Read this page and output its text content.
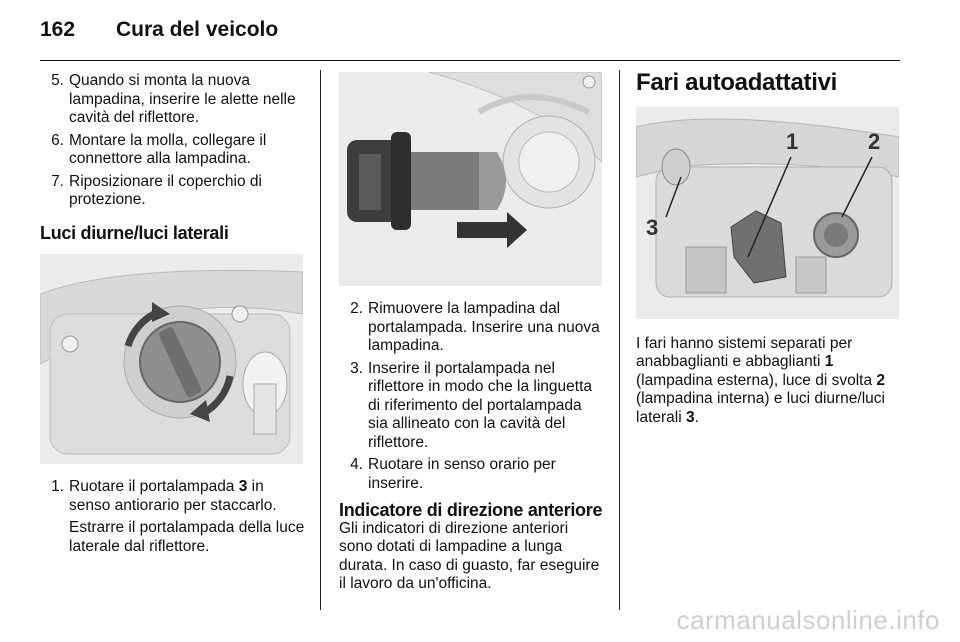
162 Cura del veicolo
5. Quando si monta la nuova lampadina, inserire le alette nelle cavità del riflettore.
6. Montare la molla, collegare il connettore alla lampadina.
7. Riposizionare il coperchio di protezione.
Luci diurne/luci laterali
1. Ruotare il portalampada 3 in senso antiorario per staccarlo.
Estrarre il portalampada della luce laterale dal riflettore.
2. Rimuovere la lampadina dal portalampada. Inserire una nuova lampadina.
3. Inserire il portalampada nel riflettore in modo che la linguetta di riferimento del portalampada sia allineato con la cavità del riflettore.
4. Ruotare in senso orario per inserire.
Indicatore di direzione anteriore

Gli indicatori di direzione anteriori sono dotati di lampadine a lunga durata. In caso di guasto, far eseguire il lavoro da un'officina.

Fari autoadattativi
1	2
3

I fari hanno sistemi separati per anabbaglianti e abbaglianti 1 (lampadina esterna), luce di svolta 2 (lampadina interna) e luci diurne/luci laterali 3.

carmanualsonline.info
